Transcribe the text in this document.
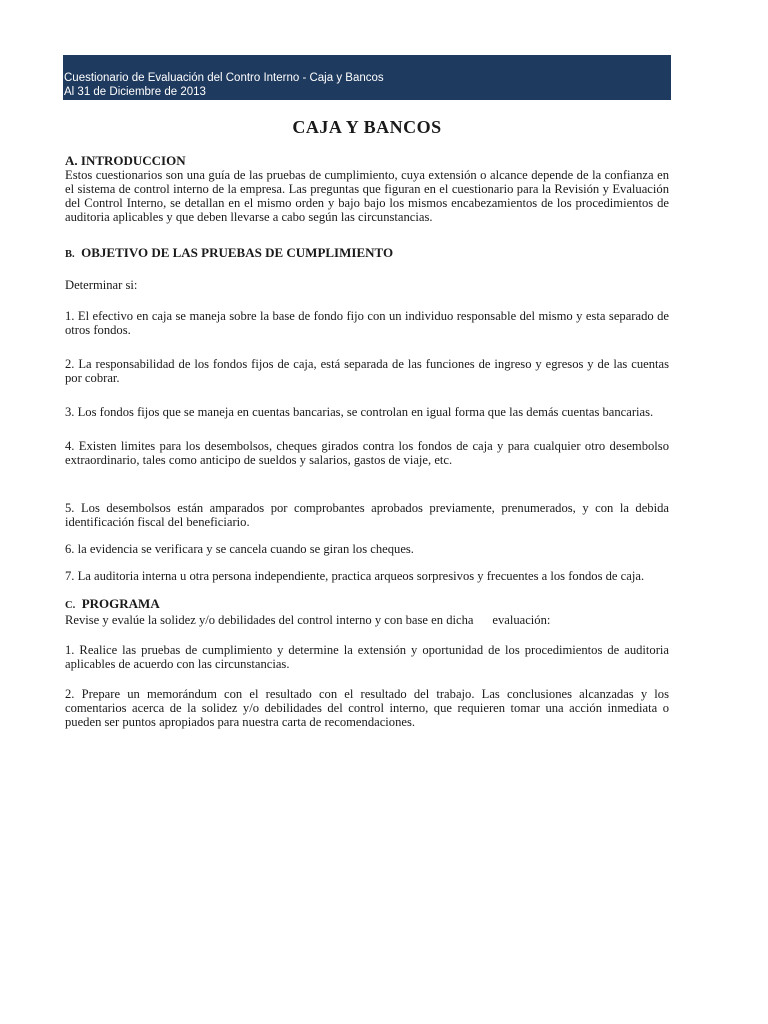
Cuestionario de Evaluación del Contro Interno - Caja y Bancos
Al 31 de Diciembre de 2013
CAJA Y BANCOS

A. INTRODUCCION

Estos cuestionarios son una guía de las pruebas de cumplimiento, cuya extensión o alcance depende de la confianza en el sistema de control interno de la empresa. Las preguntas que figuran en el cuestionario para la Revisión y Evaluación del Control Interno, se detallan en el mismo orden y bajo bajo los mismos encabezamientos de los procedimientos de auditoria aplicables y que deben llevarse a cabo según las circunstancias.

B. OBJETIVO DE LAS PRUEBAS DE CUMPLIMIENTO

Determinar si:

1. El efectivo en caja se maneja sobre la base de fondo fijo con un individuo responsable del mismo y esta separado de otros fondos.

2. La responsabilidad de los fondos fijos de caja, está separada de las funciones de ingreso y egresos y de las cuentas por cobrar.

3. Los fondos fijos que se maneja en cuentas bancarias, se controlan en igual forma que las demás cuentas bancarias.

4. Existen limites para los desembolsos, cheques girados contra los fondos de caja y para cualquier otro desembolso extraordinario, tales como anticipo de sueldos y salarios, gastos de viaje, etc.

5. Los desembolsos están amparados por comprobantes aprobados previamente, prenumerados, y con la debida identificación fiscal del beneficiario.

6. la evidencia se verificara y se cancela cuando se giran los cheques.

7. La auditoria interna u otra persona independiente, practica arqueos sorpresivos y frecuentes a los fondos de caja.

C. PROGRAMA

Revise y evalúe la solidez y/o debilidades del control interno y con base en dicha      evaluación:

1. Realice las pruebas de cumplimiento y determine la extensión y oportunidad de los procedimientos de auditoria aplicables de acuerdo con las circunstancias.

2. Prepare un memorándum con el resultado con el resultado del trabajo. Las conclusiones alcanzadas y los comentarios acerca de la solidez y/o debilidades del control interno, que requieren tomar una acción inmediata o pueden ser puntos apropiados para nuestra carta de recomendaciones.
